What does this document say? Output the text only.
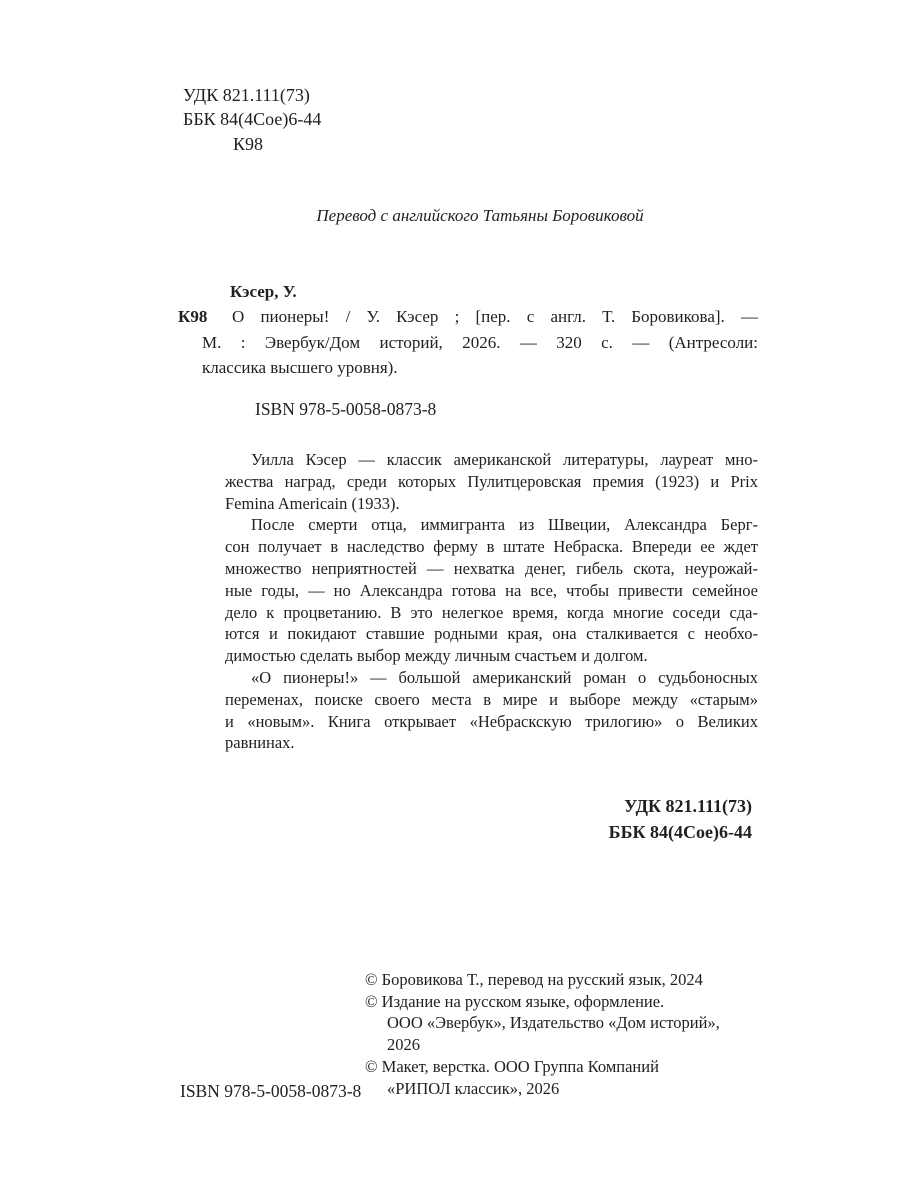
УДК 821.111(73)
ББК 84(4Сое)6-44
К98
Перевод с английского Татьяны Боровиковой
К98
Кэсер, У.
О пионеры! / У. Кэсер ; [пер. с англ. Т. Боровикова]. —
М. : Эвербук/Дом историй, 2026. — 320 с. — (Антресоли:
классика высшего уровня).
ISBN 978-5-0058-0873-8
Уилла Кэсер — классик американской литературы, лауреат мно-
жества наград, среди которых Пулитцеровская премия (1923) и Prix
Femina Americain (1933).
После смерти отца, иммигранта из Швеции, Александра Берг-
сон получает в наследство ферму в штате Небраска. Впереди ее ждет
множество неприятностей — нехватка денег, гибель скота, неурожай-
ные годы, — но Александра готова на все, чтобы привести семейное
дело к процветанию. В это нелегкое время, когда многие соседи сда-
ются и покидают ставшие родными края, она сталкивается с необхо-
димостью сделать выбор между личным счастьем и долгом.
«О пионеры!» — большой американский роман о судьбоносных
переменах, поиске своего места в мире и выборе между «старым»
и «новым». Книга открывает «Небраскскую трилогию» о Великих
равнинах.
УДК 821.111(73)
ББК 84(4Сое)6-44
© Боровикова Т., перевод на русский язык, 2024
© Издание на русском языке, оформление.
ООО «Эвербук», Издательство «Дом историй»,
2026
© Макет, верстка. ООО Группа Компаний
«РИПОЛ классик», 2026
ISBN 978-5-0058-0873-8
